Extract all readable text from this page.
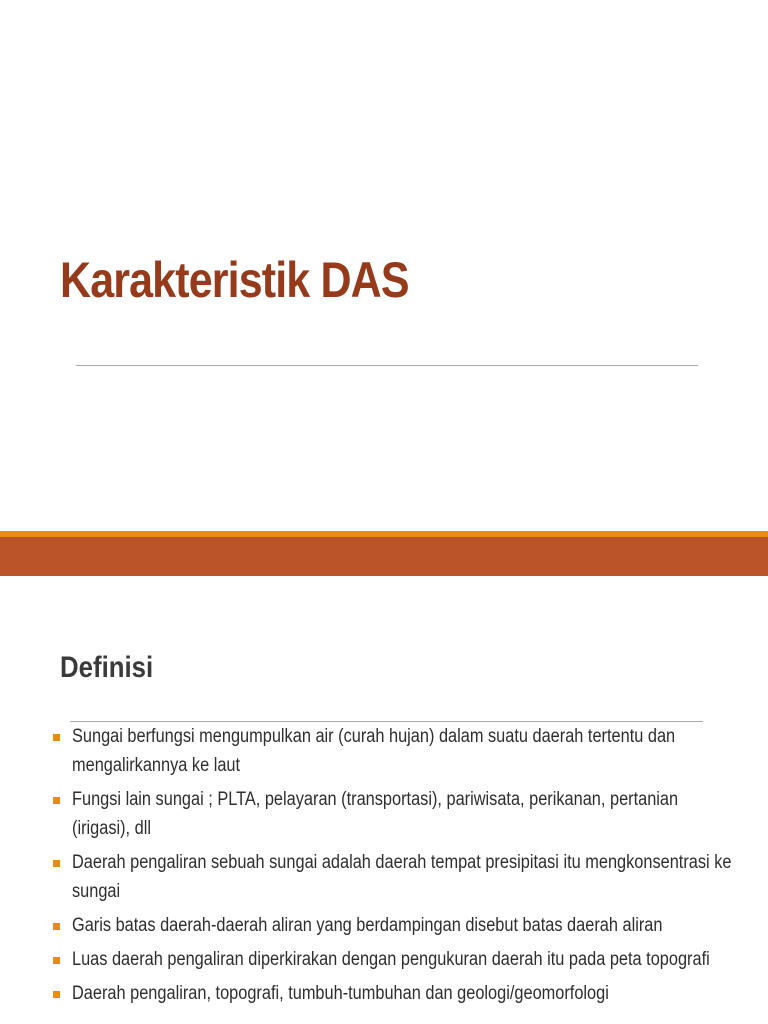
Karakteristik DAS
Definisi
Sungai berfungsi mengumpulkan air (curah hujan) dalam suatu daerah tertentu dan mengalirkannya ke laut
Fungsi lain sungai ; PLTA, pelayaran (transportasi), pariwisata, perikanan, pertanian (irigasi), dll
Daerah pengaliran sebuah sungai adalah daerah tempat presipitasi itu mengkonsentrasi ke sungai
Garis batas daerah-daerah aliran yang berdampingan disebut batas daerah aliran
Luas daerah pengaliran diperkirakan dengan pengukuran daerah itu pada peta topografi
Daerah pengaliran, topografi, tumbuh-tumbuhan dan geologi/geomorfologi
